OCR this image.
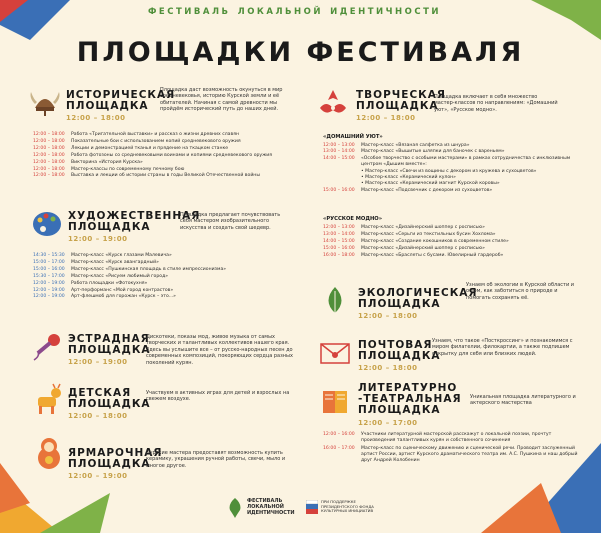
ФЕСТИВАЛЬ ЛОКАЛЬНОЙ ИДЕНТИЧНОСТИ
ПЛОЩАДКИ ФЕСТИВАЛЯ
ИСТОРИЧЕСКАЯ ПЛОЩАДКА
12:00 – 18:00
Площадка даст возможность окунуться в мир средневековья, историю Курской земли и её обитателей. Начиная с самой древности мы пройдём исторический путь до наших дней.
12:00 – 18:00	Работа «Тригательной выставки» и рассказ о жизни древних славян
12:00 – 18:00	Показательные бои с использованием копий средневекового оружия
12:00 – 18:00	Лекции и демонстрацией тканья и прядение на ткацком станке
12:00 – 18:00	Работа фотозоны со средневековыми воинами и копиями средневекового оружия
12:00 – 18:00	Викторина «История Курска»
12:00 – 18:00	Мастер-классы по современному печному бою
12:00 – 18:00	Выставка и лекции об истории страны в годы Великой Отечественной войны
ХУДОЖЕСТВЕННАЯ ПЛОЩАДКА
12:00 – 19:00
Площадка предлагает почувствовать себя мастером изобразительного искусства и создать свой шедевр.
14:30 – 15:30	Мастер-класс «Курск глазами Малевича»
15:00 – 17:00	Мастер-класс «Курск авангардный»
15:00 – 16:00	Мастер-класс «Пушкинская площадь в стиле импрессионизма»
15:30 – 17:00	Мастер-класс «Рисуем любимый город»
12:00 – 19:00	Работа площадки «Фотокухня»
12:00 – 19:00	Арт-перформанс «Мой город контрастов»
12:00 – 19:00	Арт-флешмоб для горожан «Курск – это...»
ЭСТРАДНАЯ ПЛОЩАДКА
12:00 – 19:00
Дискотеки, показы мод, живое музыка от самых творческих и талантливых коллективов нашего края. Здесь вы услышите все – от русско-народных песен до современных композиций, покоряющих сердца разных поколений курян.
ДЕТСКАЯ ПЛОЩАДКА
12:00 – 18:00
Участвуем в активных играх для детей и взрослых на свежем воздухе.
ЯРМАРОЧНАЯ ПЛОЩАДКА
12:00 – 19:00
Курские мастера предоставят возможность купить керамику, украшения ручной работы, свечи, мыло и многое другое.
ТВОРЧЕСКАЯ ПЛОЩАДКА
12:00 – 18:00
Площадка включает в себя множество мастер-классов по направлениям: «Домашний уют», «Русское модно».
«ДОМАШНИЙ УЮТ»
12:00 – 13:00	Мастер-класс «Вязаная салфетка из шнура»
13:00 – 14:00	Мастер-класс «Вышитые шляпки для баночек с вареньем»
14:00 – 15:00	«Особое творчество с особыми мастерами» в рамках сотрудничества с инклюзивным центром «Дышим вместе»:
• Мастер-класс «Свечи из вощины с декором из кружева и сухоцветов»
• Мастер-класс «Керамический кулон»
• Мастер-класс «Керамический магнит Курской коровы»
15:00 – 16:00	Мастер-класс «Подсвечник с декором из сухоцветов»
«РУССКОЕ МОДНО»
12:00 – 13:00	Мастер-класс «Дизайнерский шоппер с росписью»
13:00 – 14:00	Мастер-класс «Серьги из текстильных бусин Хохлома»
14:00 – 15:00	Мастер-класс «Создание кокошников в современном стиле»
15:00 – 16:00	Мастер-класс «Дизайнерский шоппер с росписью»
16:00 – 18:00	Мастер-класс «Браслеты с бусами. Ювелирный гардероб»
ЭКОЛОГИЧЕСКАЯ ПЛОЩАДКА
12:00 – 18:00
Узнаем об экологии в Курской области и о том, как заботиться о природе и помогать сохранять её.
ПОЧТОВАЯ ПЛОЩАДКА
12:00 – 18:00
Узнаем, что такое «Посткроссинг» и познакомимся с миром филателии, филокартии, а также подпишем открытку для себя или близких людей.
ЛИТЕРАТУРНО -ТЕАТРАЛЬНАЯ ПЛОЩАДКА
12:00 – 17:00
Уникальная площадка литературного и актерского мастерства
12:00 – 16:00	Участники литературной мастерской расскажут о локальной поэзии, прочтут произведения талантливых курян и собственного сочинения
16:00 – 17:00	Мастер-класс по сценическому движению и сценической речи. Проводит заслуженный артист России, артист Курского драматического театра им. А.С. Пушкина и наш добрый друг Андрей Колобенин
ФЕСТИВАЛЬ ЛОКАЛЬНОЙ ИДЕНТИЧНОСТИ
ПРИ ПОДДЕРЖКЕ ПРЕЗИДЕНТСКОГО ФОНДА КУЛЬТУРНЫХ ИНИЦИАТИВ
